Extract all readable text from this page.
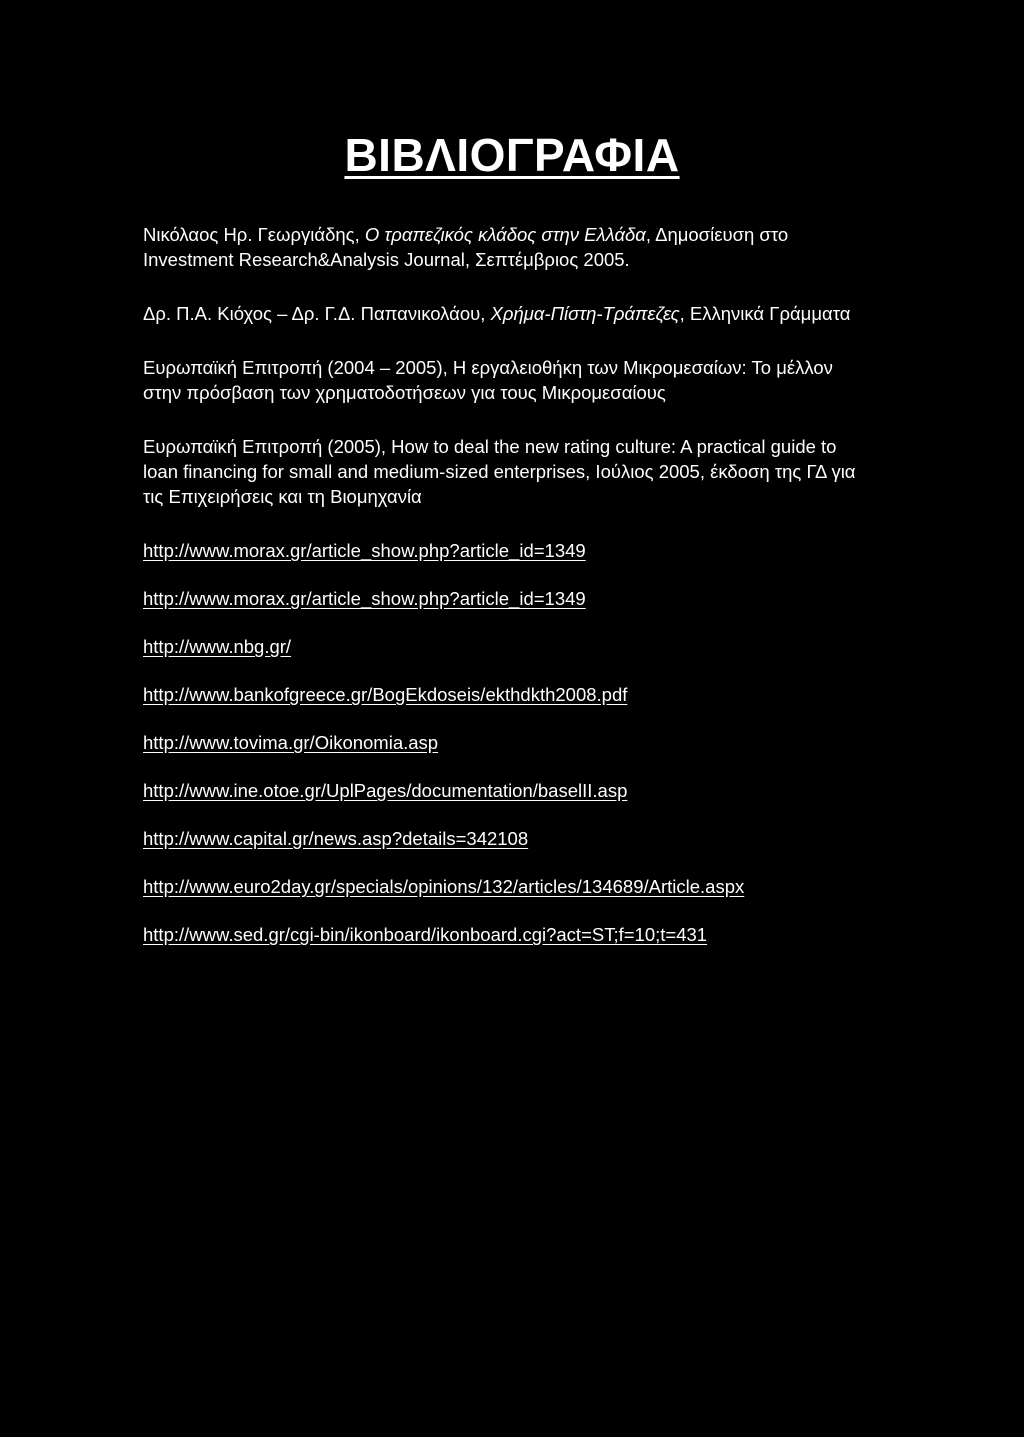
ΒΙΒΛΙΟΓΡΑΦΙΑ

Νικόλαος Ηρ. Γεωργιάδης, Ο τραπεζικός κλάδος στην Ελλάδα, Δημοσίευση στο
Investment Research&Analysis Journal, Σεπτέμβριος 2005.

Δρ. Π.Α. Κιόχος – Δρ. Γ.Δ. Παπανικολάου, Χρήμα-Πίστη-Τράπεζες, Ελληνικά Γράμματα

Ευρωπαϊκή Επιτροπή (2004 – 2005), Η εργαλειοθήκη των Μικρομεσαίων: Το μέλλον στην πρόσβαση των χρηματοδοτήσεων για τους Μικρομεσαίους

Ευρωπαϊκή Επιτροπή (2005), How to deal the new rating culture: A practical guide to loan financing for small and medium-sized enterprises, Ιούλιος 2005, έκδοση της ΓΔ για τις Επιχειρήσεις και τη Βιομηχανία

http://www.morax.gr/article_show.php?article_id=1349
http://www.morax.gr/article_show.php?article_id=1349
http://www.nbg.gr/
http://www.bankofgreece.gr/BogEkdoseis/ekthdkth2008.pdf
http://www.tovima.gr/Oikonomia.asp
http://www.ine.otoe.gr/UplPages/documentation/baselII.asp
http://www.capital.gr/news.asp?details=342108
http://www.euro2day.gr/specials/opinions/132/articles/134689/Article.aspx
http://www.sed.gr/cgi-bin/ikonboard/ikonboard.cgi?act=ST;f=10;t=431
